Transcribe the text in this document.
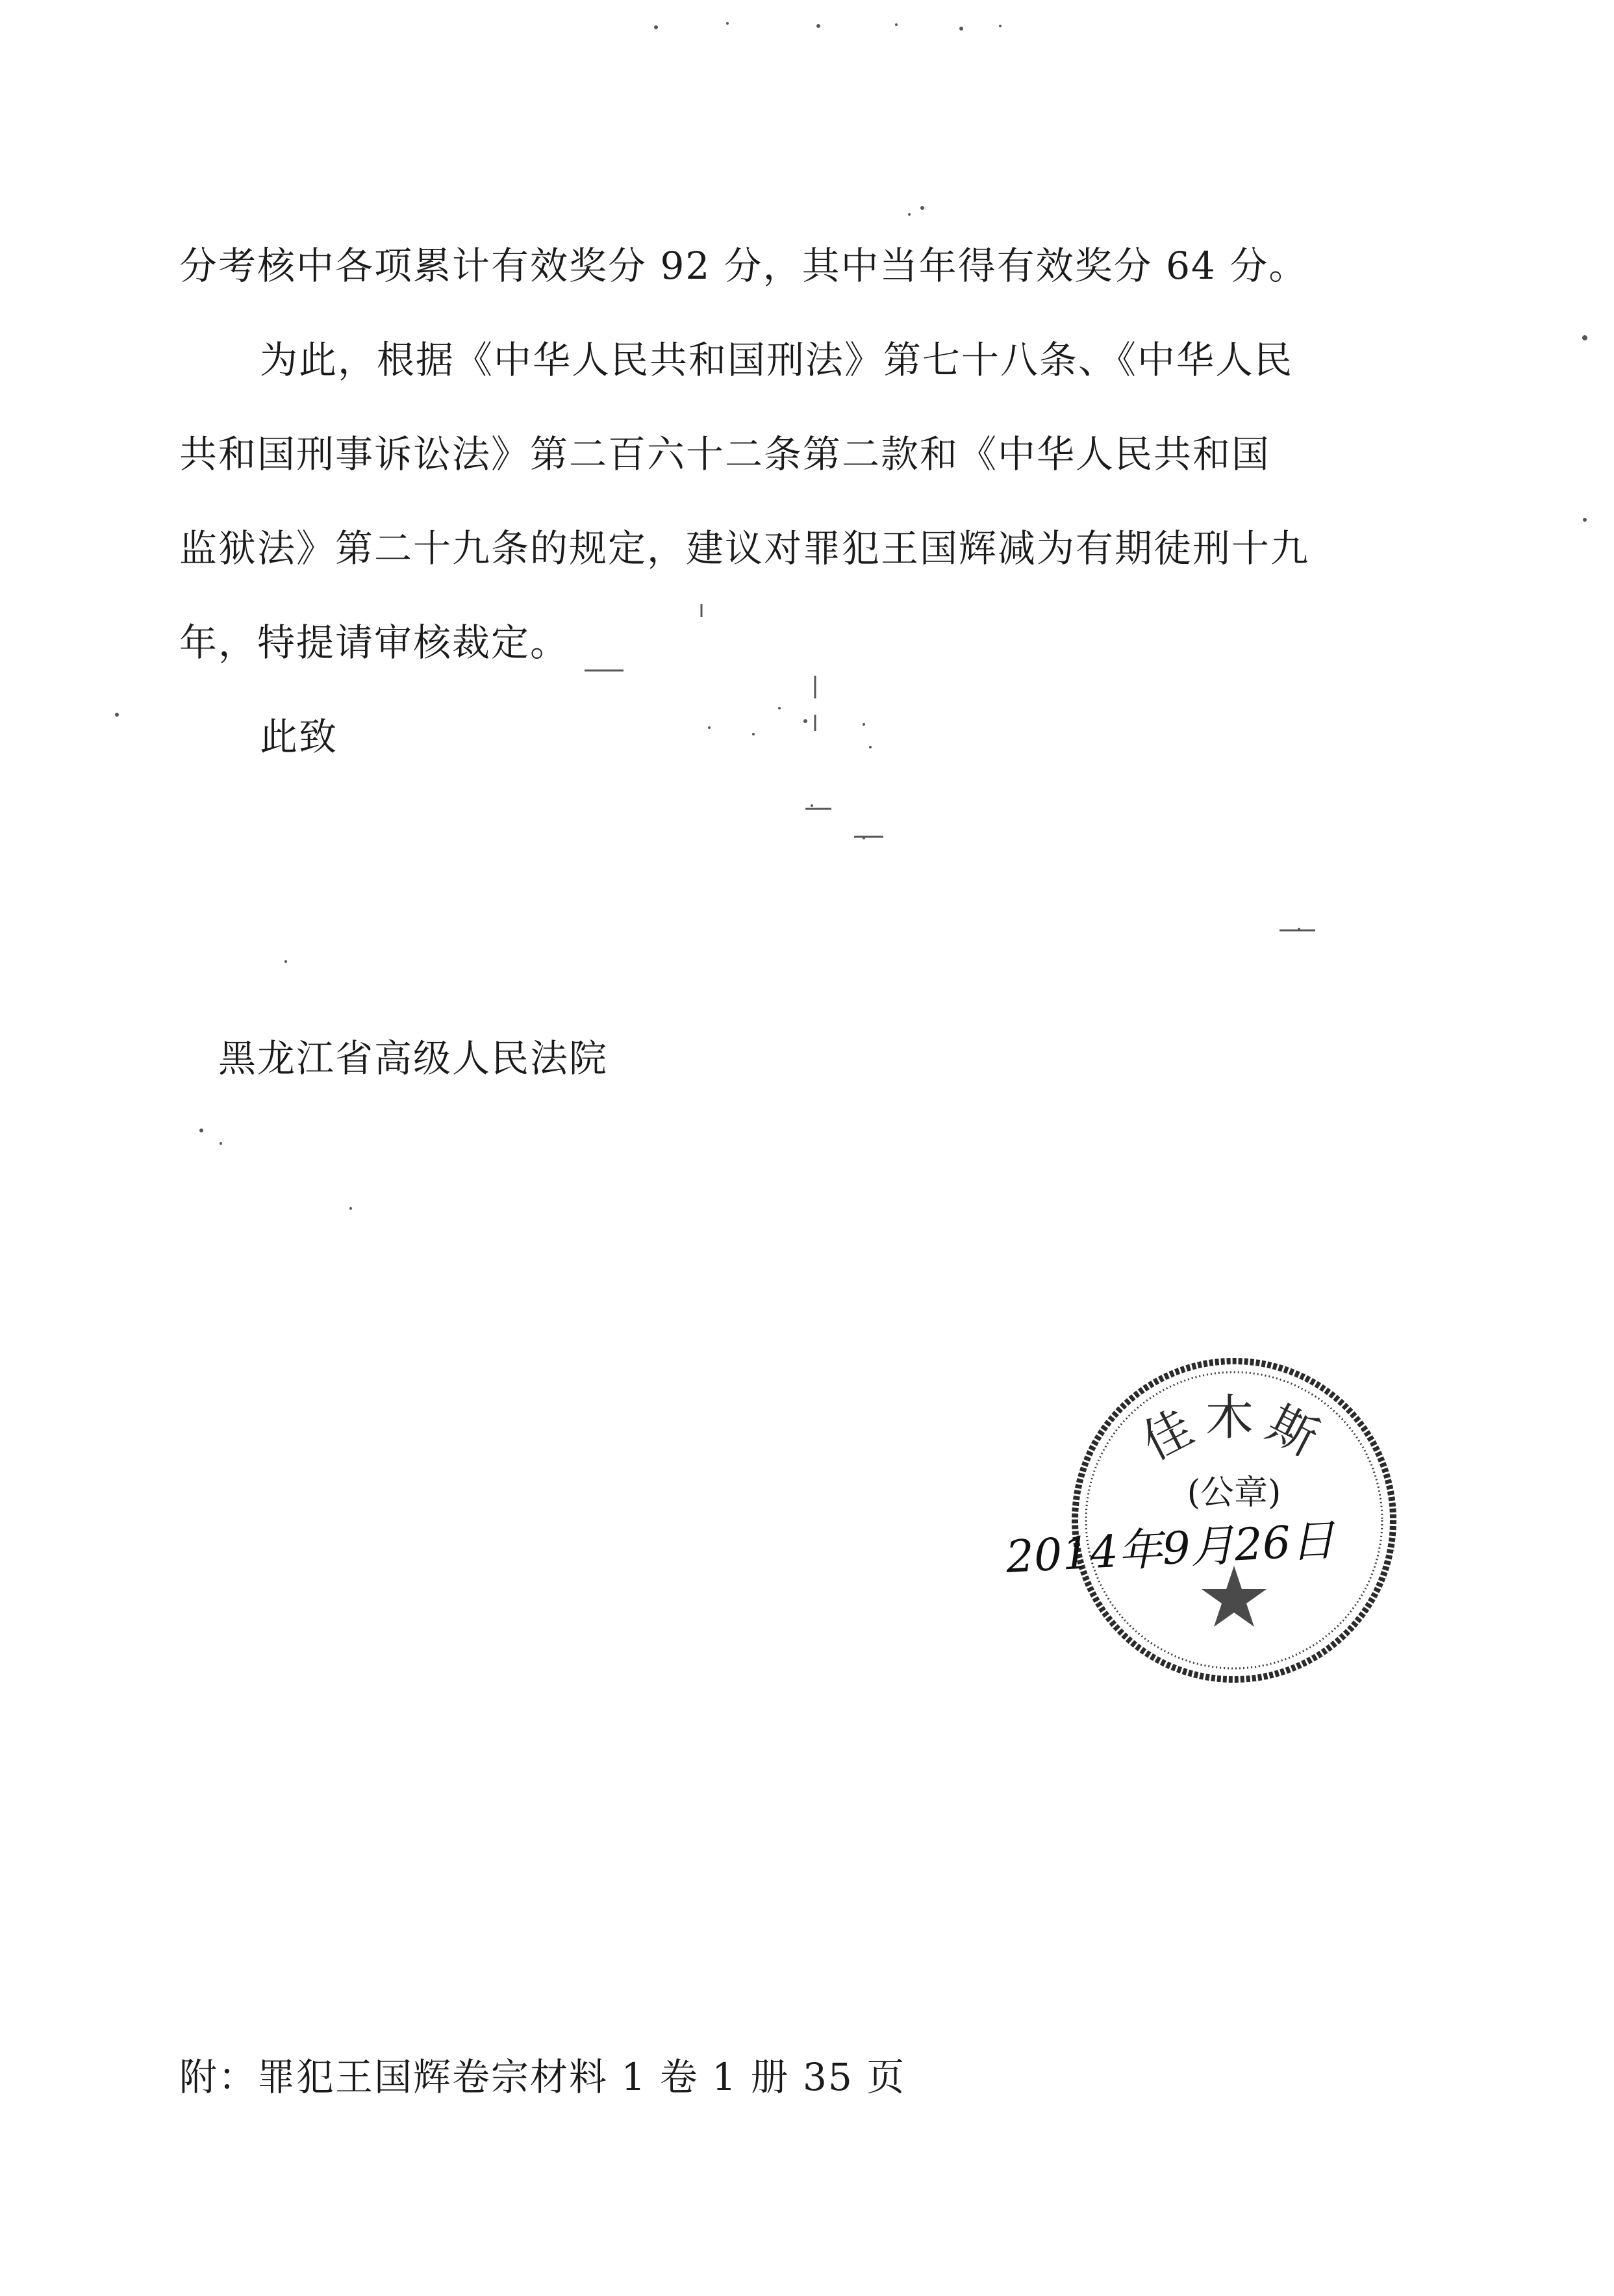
分考核中各项累计有效奖分 92 分，其中当年得有效奖分 64 分。
为此，根据《中华人民共和国刑法》第七十八条、《中华人民
共和国刑事诉讼法》第二百六十二条第二款和《中华人民共和国
监狱法》第二十九条的规定，建议对罪犯王国辉减为有期徒刑十九
年，特提请审核裁定。
此致
黑龙江省高级人民法院
佳木斯
(公章)
2014年9月26日
附：罪犯王国辉卷宗材料 1 卷 1 册 35 页
